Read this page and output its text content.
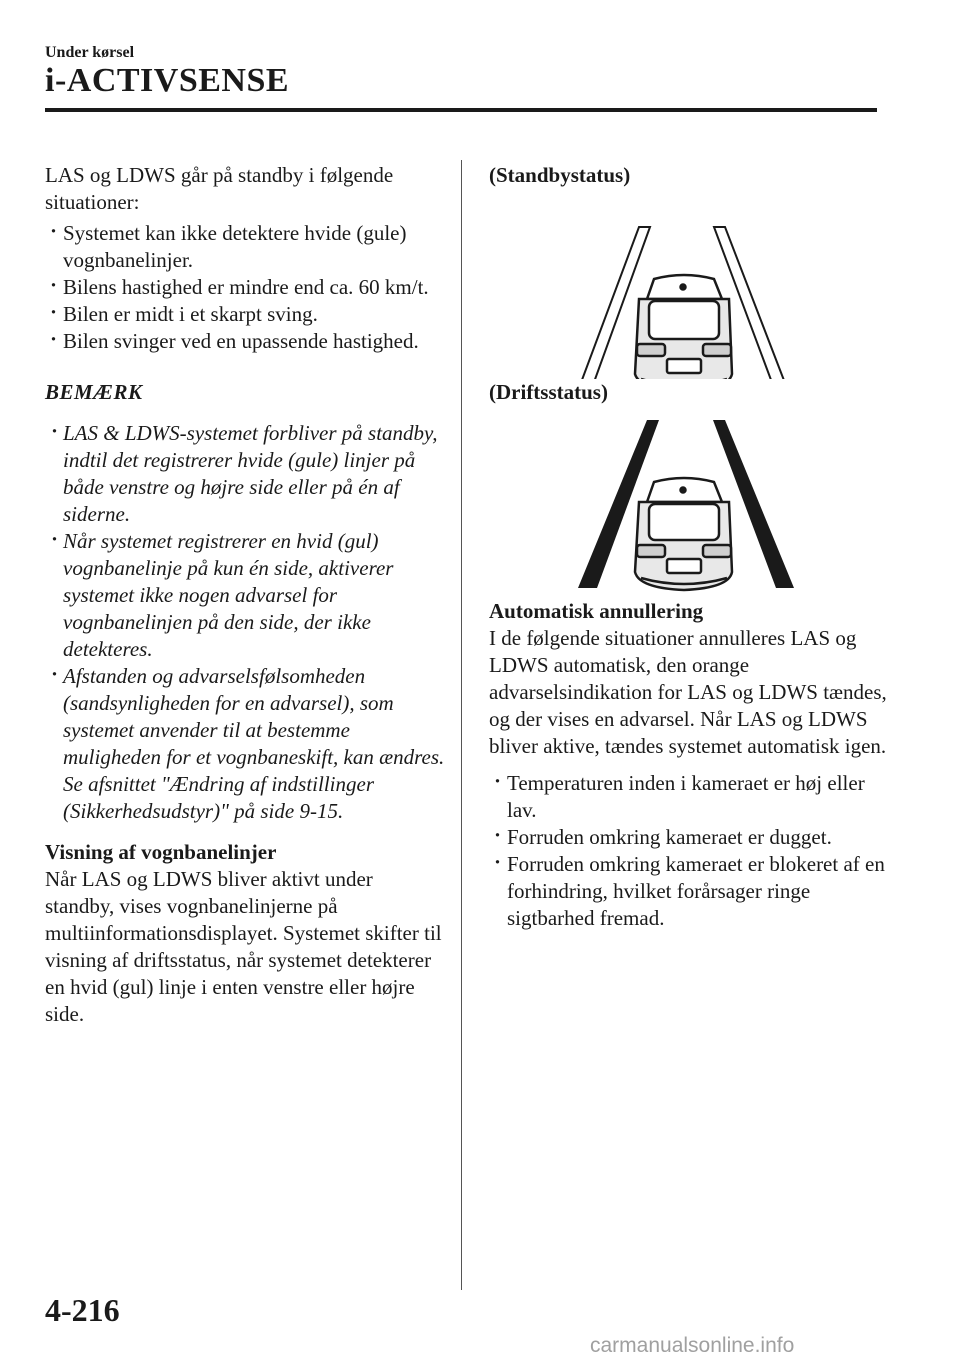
Under kørsel
i-ACTIVSENSE

LAS og LDWS går på standby i følgende situationer:

· Systemet kan ikke detektere hvide (gule) vognbanelinjer.
· Bilens hastighed er mindre end ca. 60 km/t.
· Bilen er midt i et skarpt sving.
· Bilen svinger ved en upassende hastighed.

BEMÆRK

· LAS & LDWS-systemet forbliver på standby, indtil det registrerer hvide (gule) linjer på både venstre og højre side eller på én af siderne.
· Når systemet registrerer en hvid (gul) vognbanelinje på kun én side, aktiverer systemet ikke nogen advarsel for vognbanelinjen på den side, der ikke detekteres.
· Afstanden og advarselsfølsomheden (sandsynligheden for en advarsel), som systemet anvender til at bestemme muligheden for et vognbaneskift, kan ændres.
Se afsnittet "Ændring af indstillinger (Sikkerhedsudstyr)" på side 9-15.

Visning af vognbanelinjer

Når LAS og LDWS bliver aktivt under standby, vises vognbanelinjerne på multiinformationsdisplayet. Systemet skifter til visning af driftsstatus, når systemet detekterer en hvid (gul) linje i enten venstre eller højre side.

(Standbystatus)

(Driftsstatus)

Automatisk annullering

I de følgende situationer annulleres LAS og LDWS automatisk, den orange advarselsindikation for LAS og LDWS tændes, og der vises en advarsel. Når LAS og LDWS bliver aktive, tændes systemet automatisk igen.

· Temperaturen inden i kameraet er høj eller lav.
· Forruden omkring kameraet er dugget.
· Forruden omkring kameraet er blokeret af en forhindring, hvilket forårsager ringe sigtbarhed fremad.
4-216
carmanualsonline.info
